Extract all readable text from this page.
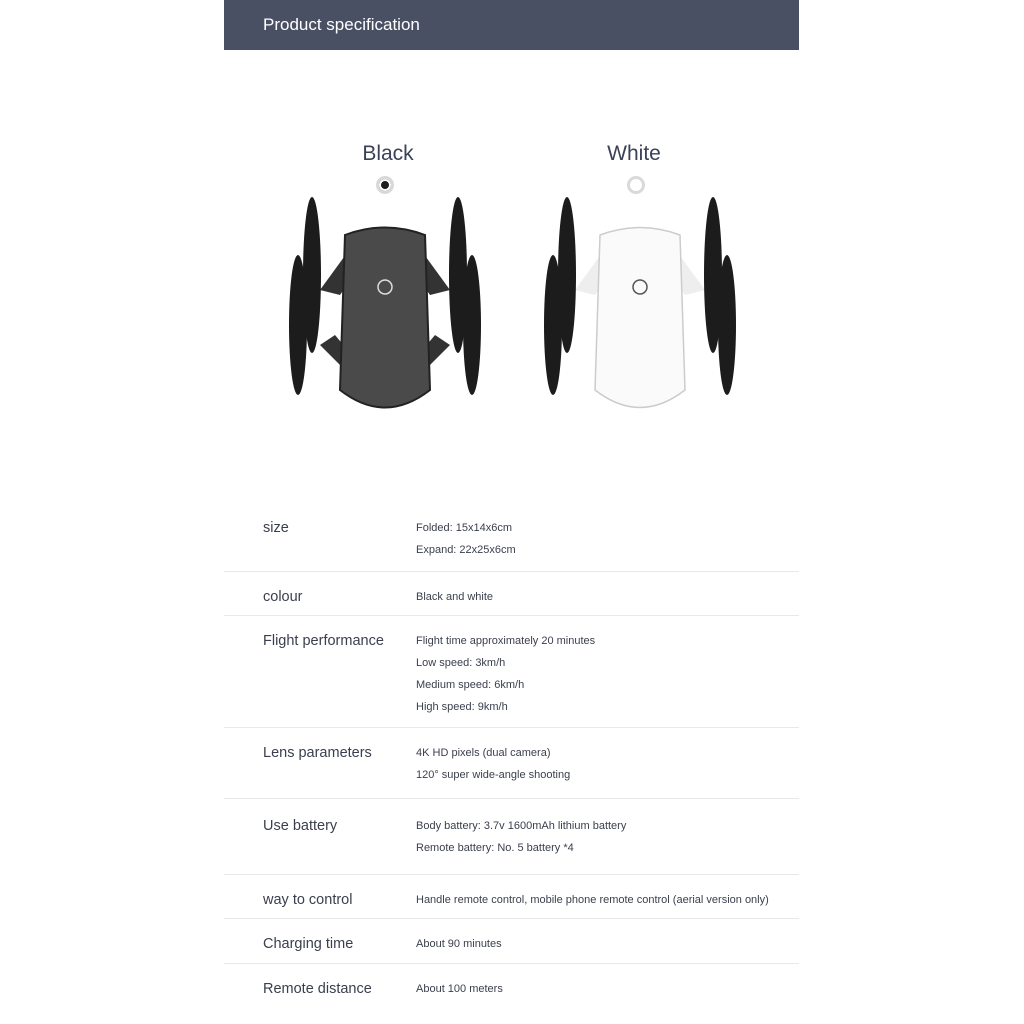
Product specification
Black	White
size	Folded: 15x14x6cm
Expand: 22x25x6cm
colour	Black and white
Flight performance	Flight time approximately 20 minutes
Low speed: 3km/h
Medium speed: 6km/h
High speed: 9km/h
Lens parameters	4K HD pixels (dual camera)
120° super wide-angle shooting
Use battery	Body battery: 3.7v 1600mAh lithium battery
Remote battery: No. 5 battery *4
way to control	Handle remote control, mobile phone remote control (aerial version only)
Charging time	About 90 minutes
Remote distance	About 100 meters
